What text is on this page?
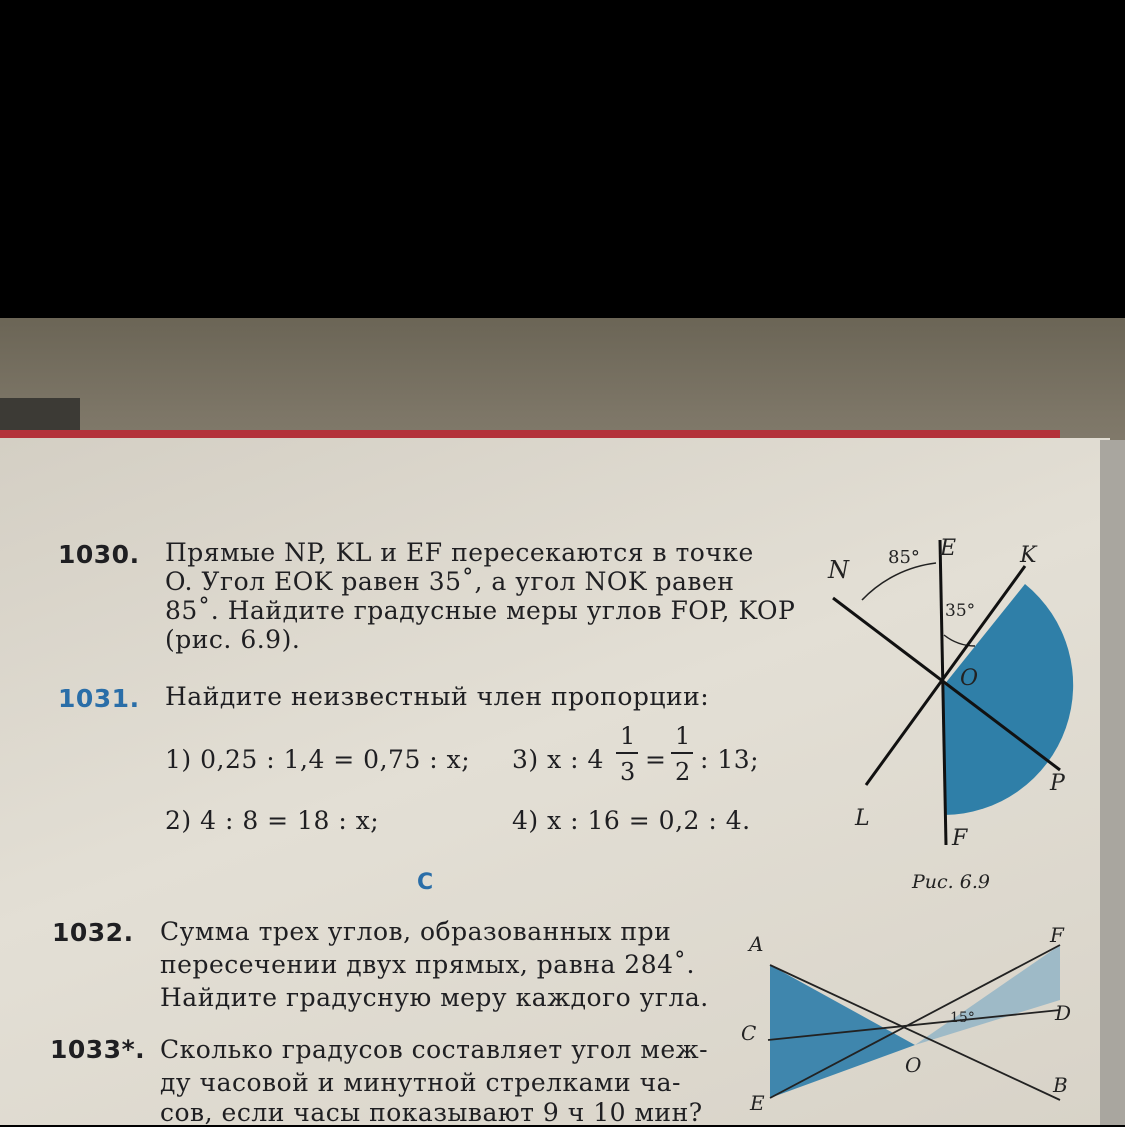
1030. Прямые NP, KL и EF пересекаются в точке
O. Угол EOK равен 35˚, а угол NOK равен
85˚. Найдите градусные меры углов FOP, KOP
(рис. 6.9).
1031. Найдите неизвестный член пропорции:
1) 0,25 : 1,4 = 0,75 : x; 3) x : 4
1
3 =
1
2 : 13;
2) 4 : 8 = 18 : x;	4) x : 16 = 0,2 : 4.
C
1032. Сумма трех углов, образованных при
пересечении двух прямых, равна 284˚.
Найдите градусную меру каждого угла.
1033*. Сколько градусов составляет угол меж-
ду часовой и минутной стрелками ча-
сов, если часы показывают 9 ч 10 мин?
E
85°	K
N
35°
O
P
L
F
Рис. 6.9
A	F
D
C
O
15°
B
E
